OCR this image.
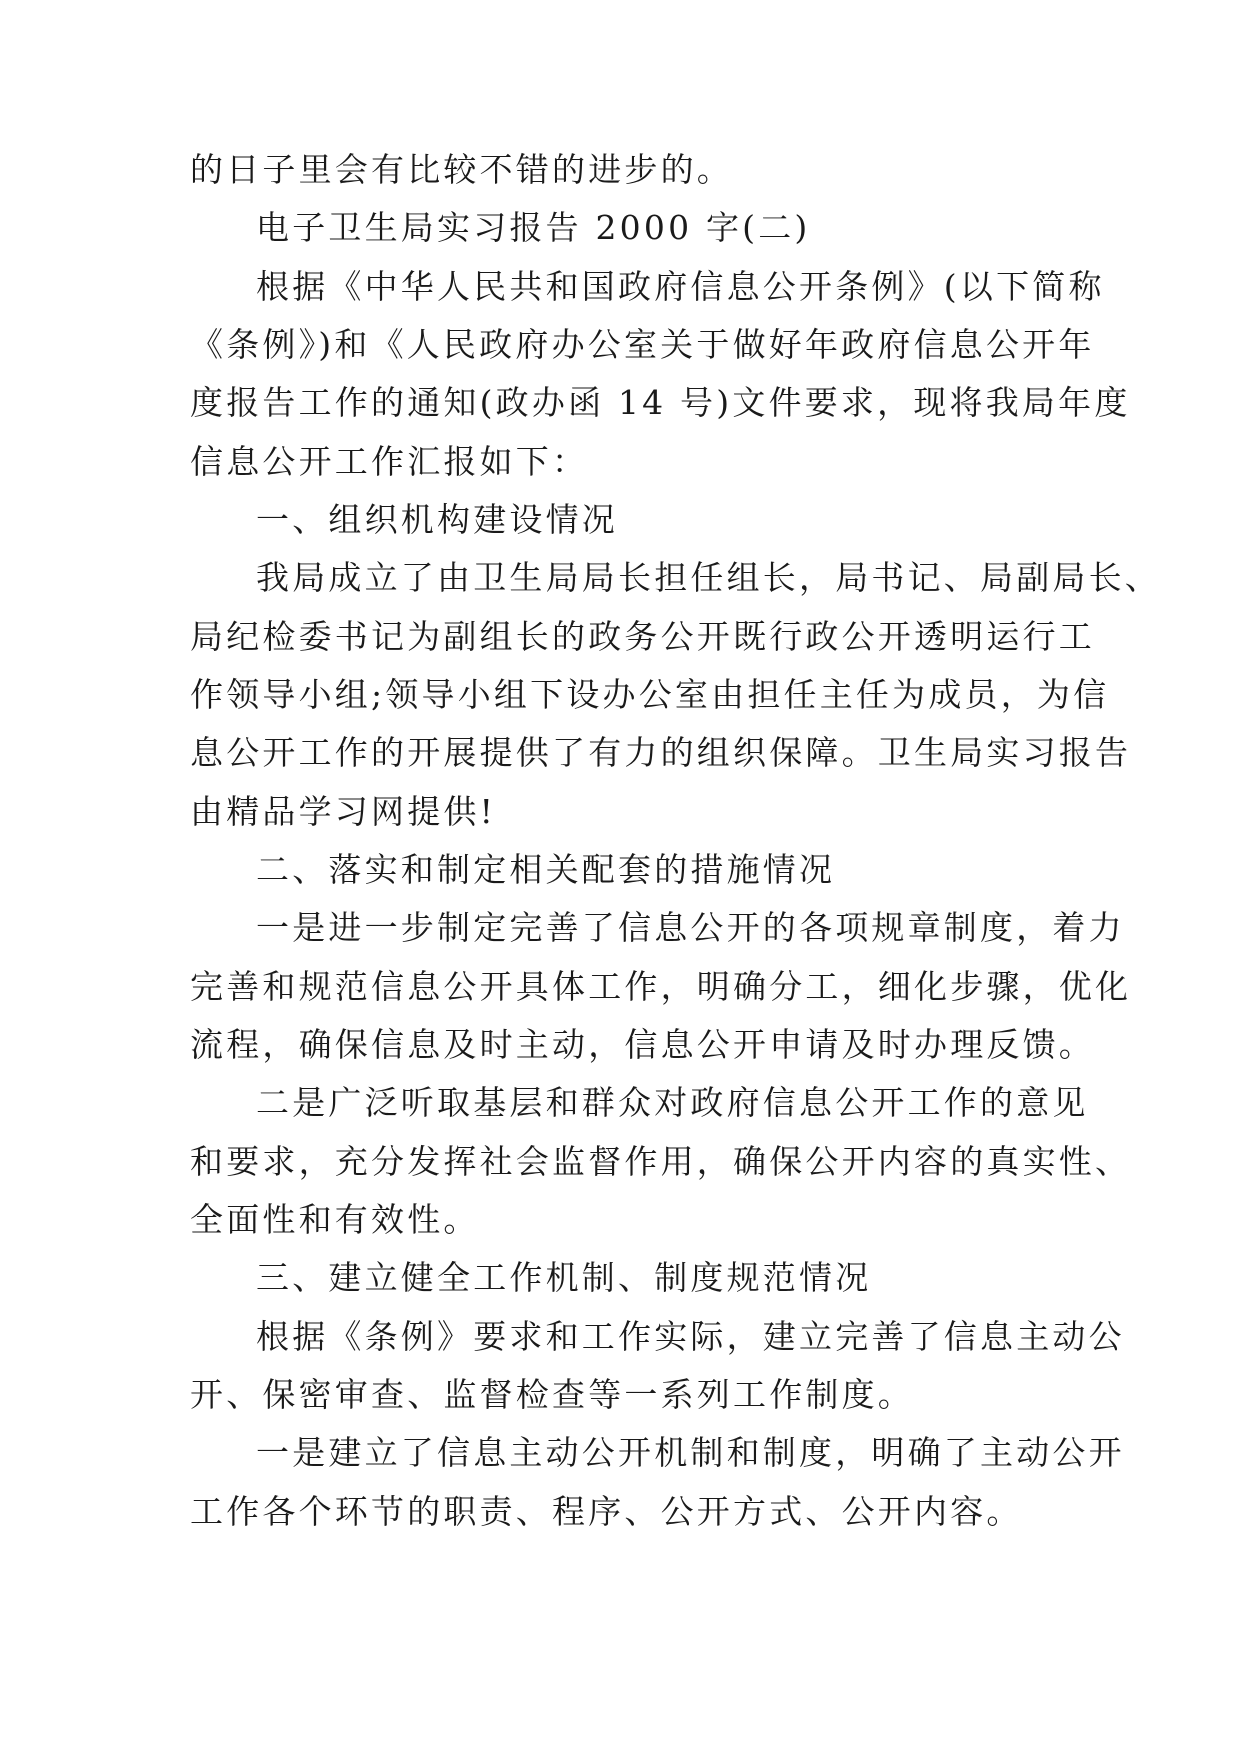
的日子里会有比较不错的进步的。
电子卫生局实习报告 2000 字(二)
根据《中华人民共和国政府信息公开条例》(以下简称
《条例》)和《人民政府办公室关于做好年政府信息公开年
度报告工作的通知(政办函 14 号)文件要求，现将我局年度
信息公开工作汇报如下：
一、组织机构建设情况
我局成立了由卫生局局长担任组长，局书记、局副局长、
局纪检委书记为副组长的政务公开既行政公开透明运行工
作领导小组;领导小组下设办公室由担任主任为成员，为信
息公开工作的开展提供了有力的组织保障。卫生局实习报告
由精品学习网提供!
二、落实和制定相关配套的措施情况
一是进一步制定完善了信息公开的各项规章制度，着力
完善和规范信息公开具体工作，明确分工，细化步骤，优化
流程，确保信息及时主动，信息公开申请及时办理反馈。
二是广泛听取基层和群众对政府信息公开工作的意见
和要求，充分发挥社会监督作用，确保公开内容的真实性、
全面性和有效性。
三、建立健全工作机制、制度规范情况
根据《条例》要求和工作实际，建立完善了信息主动公
开、保密审查、监督检查等一系列工作制度。
一是建立了信息主动公开机制和制度，明确了主动公开
工作各个环节的职责、程序、公开方式、公开内容。
